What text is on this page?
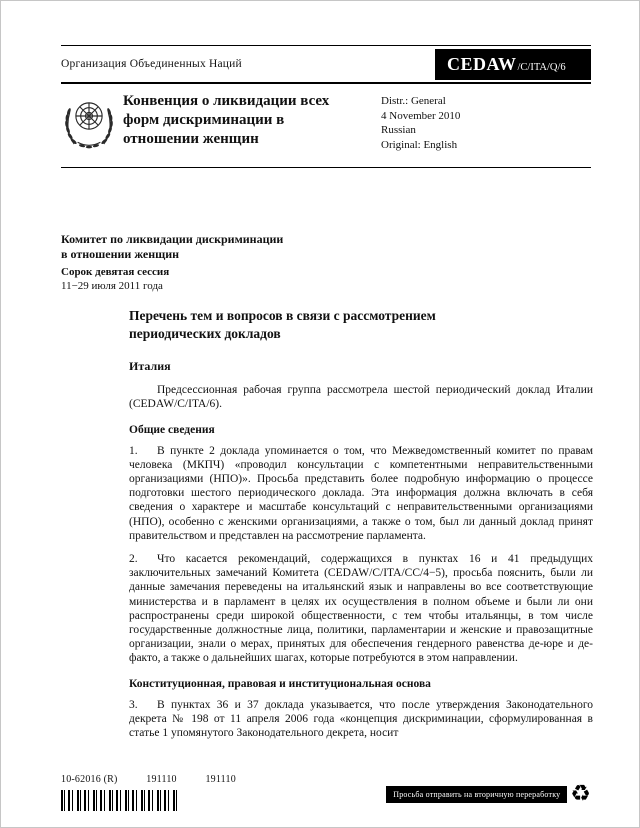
Организация Объединенных Наций	CEDAW /C/ITA/Q/6
Конвенция о ликвидации всех форм дискриминации в отношении женщин
Distr.: General
4 November 2010
Russian
Original: English
Комитет по ликвидации дискриминации
в отношении женщин
Сорок девятая сессия
11−29 июля 2011 года
Перечень тем и вопросов в связи с рассмотрением периодических докладов
Италия

Предсессионная рабочая группа рассмотрела шестой периодический доклад Италии (CEDAW/C/ITA/6).

Общие сведения

1. В пункте 2 доклада упоминается о том, что Межведомственный комитет по правам человека (МКПЧ) «проводил консультации с компетентными неправительственными организациями (НПО)». Просьба представить более подробную информацию о процессе подготовки шестого периодического доклада. Эта информация должна включать в себя сведения о характере и масштабе консультаций с неправительственными организациями (НПО), особенно с женскими организациями, а также о том, был ли данный доклад принят правительством и представлен на рассмотрение парламента.

2. Что касается рекомендаций, содержащихся в пунктах 16 и 41 предыдущих заключительных замечаний Комитета (CEDAW/C/ITA/CC/4−5), просьба пояснить, были ли данные замечания переведены на итальянский язык и направлены во все соответствующие министерства и в парламент в целях их осуществления в полном объеме и были ли они распространены среди широкой общественности, с тем чтобы итальянцы, в том числе государственные должностные лица, политики, парламентарии и женские и правозащитные организации, знали о мерах, принятых для обеспечения гендерного равенства де-юре и де-факто, а также о дальнейших шагах, которые потребуются в этом направлении.

Конституционная, правовая и институциональная основа

3. В пунктах 36 и 37 доклада указывается, что после утверждения Законодательного декрета № 198 от 11 апреля 2006 года «концепция дискриминации, сформулированная в статье 1 упомянутого Законодательного декрета, носит

10-62016 (R)	191110	191110
Просьба отправить на вторичную переработку ♻
